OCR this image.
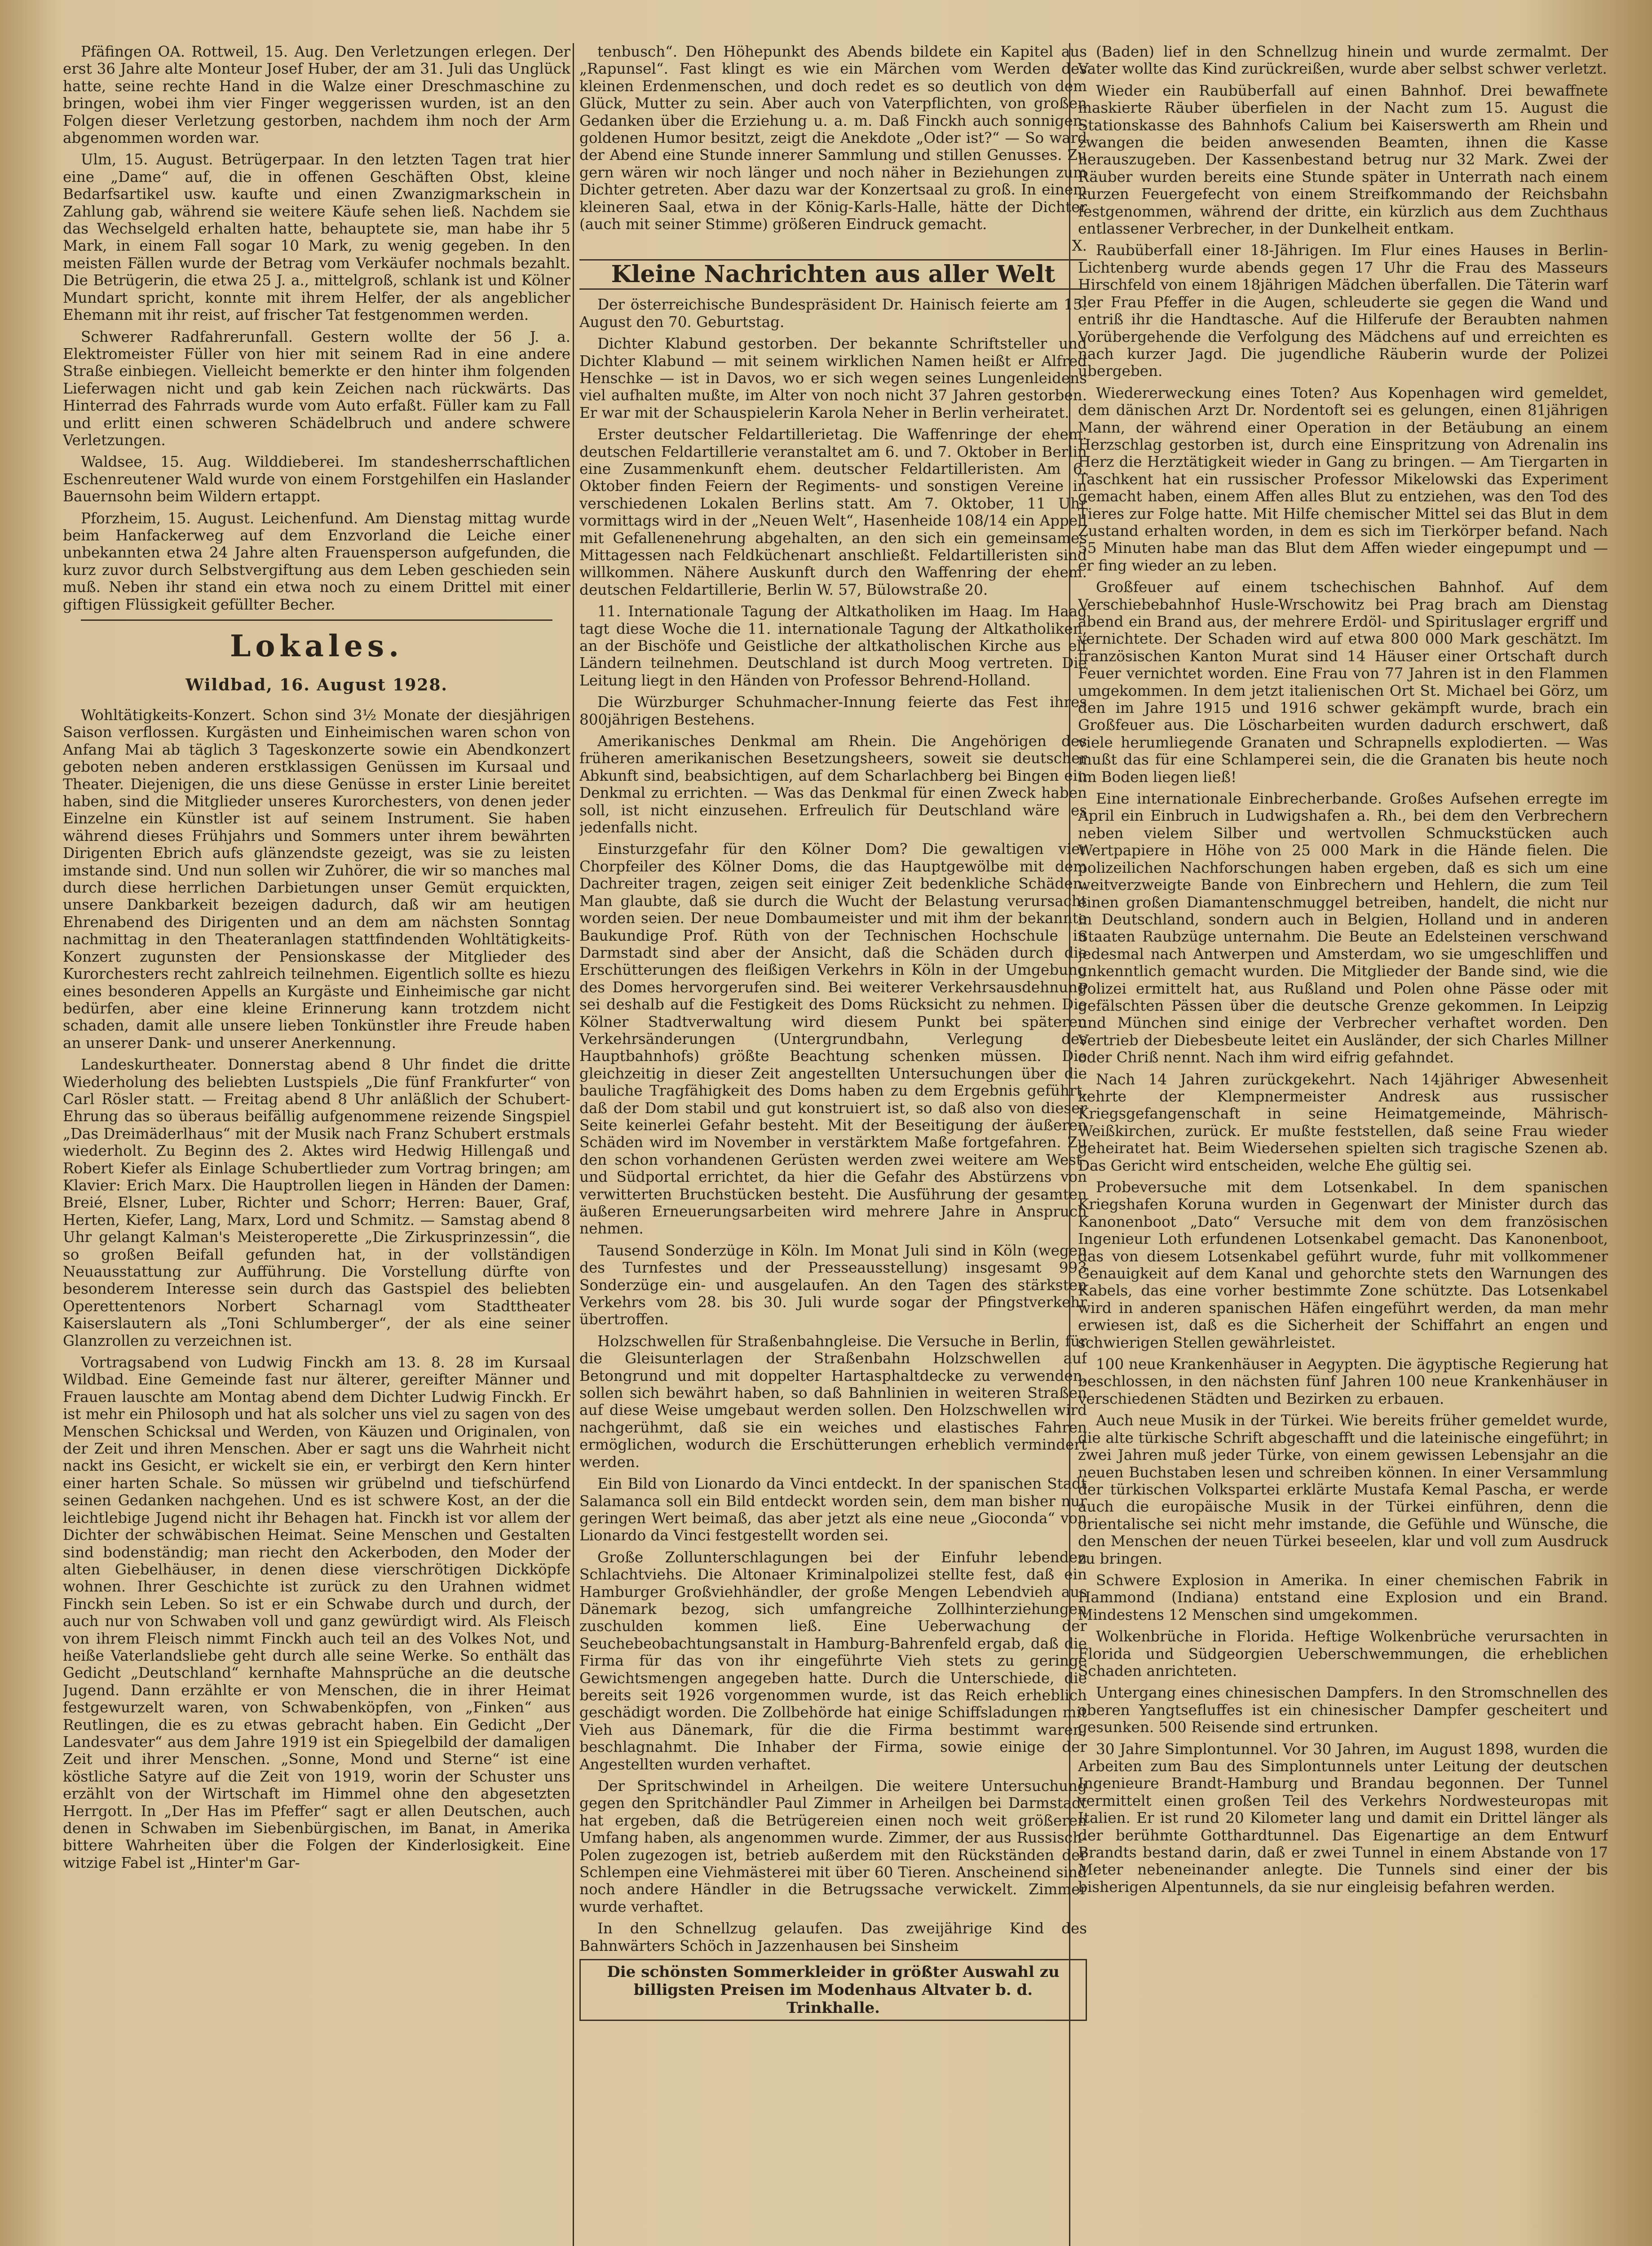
Pfäfingen OA. Rottweil, 15. Aug. Den Verletzungen erlegen. Der erst 36 Jahre alte Monteur Josef Huber, der am 31. Juli das Unglück hatte, seine rechte Hand in die Walze einer Dreschmaschine zu bringen, wobei ihm vier Finger weggerissen wurden, ist an den Folgen dieser Verletzung gestorben, nachdem ihm noch der Arm abgenommen worden war.

Ulm, 15. August. Betrügerpaar. In den letzten Tagen trat hier eine „Dame“ auf, die in offenen Geschäften Obst, kleine Bedarfsartikel usw. kaufte und einen Zwanzigmarkschein in Zahlung gab, während sie weitere Käufe sehen ließ. Nachdem sie das Wechselgeld erhalten hatte, behauptete sie, man habe ihr 5 Mark, in einem Fall sogar 10 Mark, zu wenig gegeben. In den meisten Fällen wurde der Betrag vom Verkäufer nochmals bezahlt. Die Betrügerin, die etwa 25 J. a., mittelgroß, schlank ist und Kölner Mundart spricht, konnte mit ihrem Helfer, der als angeblicher Ehemann mit ihr reist, auf frischer Tat festgenommen werden.

Schwerer Radfahrerunfall. Gestern wollte der 56 J. a. Elektromeister Füller von hier mit seinem Rad in eine andere Straße einbiegen. Vielleicht bemerkte er den hinter ihm folgenden Lieferwagen nicht und gab kein Zeichen nach rückwärts. Das Hinterrad des Fahrrads wurde vom Auto erfaßt. Füller kam zu Fall und erlitt einen schweren Schädelbruch und andere schwere Verletzungen.

Waldsee, 15. Aug. Wilddieberei. Im standesherrschaftlichen Eschenreutener Wald wurde von einem Forstgehilfen ein Haslander Bauernsohn beim Wildern ertappt.

Pforzheim, 15. August. Leichenfund. Am Dienstag mittag wurde beim Hanfackerweg auf dem Enzvorland die Leiche einer unbekannten etwa 24 Jahre alten Frauensperson aufgefunden, die kurz zuvor durch Selbstvergiftung aus dem Leben geschieden sein muß. Neben ihr stand ein etwa noch zu einem Drittel mit einer giftigen Flüssigkeit gefüllter Becher.

Lokales.
Wildbad, 16. August 1928.

Wohltätigkeits-Konzert. Schon sind 3½ Monate der diesjährigen Saison verflossen. Kurgästen und Einheimischen waren schon von Anfang Mai ab täglich 3 Tageskonzerte sowie ein Abendkonzert geboten neben anderen erstklassigen Genüssen im Kursaal und Theater. Diejenigen, die uns diese Genüsse in erster Linie bereitet haben, sind die Mitglieder unseres Kurorchesters, von denen jeder Einzelne ein Künstler ist auf seinem Instrument. Sie haben während dieses Frühjahrs und Sommers unter ihrem bewährten Dirigenten Ebrich aufs glänzendste gezeigt, was sie zu leisten imstande sind. Und nun sollen wir Zuhörer, die wir so manches mal durch diese herrlichen Darbietungen unser Gemüt erquickten, unsere Dankbarkeit bezeigen dadurch, daß wir am heutigen Ehrenabend des Dirigenten und an dem am nächsten Sonntag nachmittag in den Theateranlagen stattfindenden Wohltätigkeits-Konzert zugunsten der Pensionskasse der Mitglieder des Kurorchesters recht zahlreich teilnehmen. Eigentlich sollte es hiezu eines besonderen Appells an Kurgäste und Einheimische gar nicht bedürfen, aber eine kleine Erinnerung kann trotzdem nicht schaden, damit alle unsere lieben Tonkünstler ihre Freude haben an unserer Dank- und unserer Anerkennung.

Landeskurtheater. Donnerstag abend 8 Uhr findet die dritte Wiederholung des beliebten Lustspiels „Die fünf Frankfurter“ von Carl Rösler statt. — Freitag abend 8 Uhr anläßlich der Schubert-Ehrung das so überaus beifällig aufgenommene reizende Singspiel „Das Dreimäderlhaus“ mit der Musik nach Franz Schubert erstmals wiederholt. Zu Beginn des 2. Aktes wird Hedwig Hillengaß und Robert Kiefer als Einlage Schubertlieder zum Vortrag bringen; am Klavier: Erich Marx. Die Hauptrollen liegen in Händen der Damen: Breié, Elsner, Luber, Richter und Schorr; Herren: Bauer, Graf, Herten, Kiefer, Lang, Marx, Lord und Schmitz. — Samstag abend 8 Uhr gelangt Kalman's Meisteroperette „Die Zirkusprinzessin“, die so großen Beifall gefunden hat, in der vollständigen Neuausstattung zur Aufführung. Die Vorstellung dürfte von besonderem Interesse sein durch das Gastspiel des beliebten Operettentenors Norbert Scharnagl vom Stadttheater Kaiserslautern als „Toni Schlumberger“, der als eine seiner Glanzrollen zu verzeichnen ist.

Vortragsabend von Ludwig Finckh am 13. 8. 28 im Kursaal Wildbad. Eine Gemeinde fast nur älterer, gereifter Männer und Frauen lauschte am Montag abend dem Dichter Ludwig Finckh. Er ist mehr ein Philosoph und hat als solcher uns viel zu sagen von des Menschen Schicksal und Werden, von Käuzen und Originalen, von der Zeit und ihren Menschen. Aber er sagt uns die Wahrheit nicht nackt ins Gesicht, er wickelt sie ein, er verbirgt den Kern hinter einer harten Schale. So müssen wir grübelnd und tiefschürfend seinen Gedanken nachgehen. Und es ist schwere Kost, an der die leichtlebige Jugend nicht ihr Behagen hat. Finckh ist vor allem der Dichter der schwäbischen Heimat. Seine Menschen und Gestalten sind bodenständig; man riecht den Ackerboden, den Moder der alten Giebelhäuser, in denen diese vierschrötigen Dickköpfe wohnen. Ihrer Geschichte ist zurück zu den Urahnen widmet Finckh sein Leben. So ist er ein Schwabe durch und durch, der auch nur von Schwaben voll und ganz gewürdigt wird. Als Fleisch von ihrem Fleisch nimmt Finckh auch teil an des Volkes Not, und heiße Vaterlandsliebe geht durch alle seine Werke. So enthält das Gedicht „Deutschland“ kernhafte Mahnsprüche an die deutsche Jugend. Dann erzählte er von Menschen, die in ihrer Heimat festgewurzelt waren, von Schwabenköpfen, von „Finken“ aus Reutlingen, die es zu etwas gebracht haben. Ein Gedicht „Der Landesvater“ aus dem Jahre 1919 ist ein Spiegelbild der damaligen Zeit und ihrer Menschen. „Sonne, Mond und Sterne“ ist eine köstliche Satyre auf die Zeit von 1919, worin der Schuster uns erzählt von der Wirtschaft im Himmel ohne den abgesetzten Herrgott. In „Der Has im Pfeffer“ sagt er allen Deutschen, auch denen in Schwaben im Siebenbürgischen, im Banat, in Amerika bittere Wahrheiten über die Folgen der Kinderlosigkeit. Eine witzige Fabel ist „Hinter'm Gar-

tenbusch“. Den Höhepunkt des Abends bildete ein Kapitel aus „Rapunsel“. Fast klingt es wie ein Märchen vom Werden des kleinen Erdenmenschen, und doch redet es so deutlich von dem Glück, Mutter zu sein. Aber auch von Vaterpflichten, von großen Gedanken über die Erziehung u. a. m. Daß Finckh auch sonnigen, goldenen Humor besitzt, zeigt die Anekdote „Oder ist?“ — So ward der Abend eine Stunde innerer Sammlung und stillen Genusses. Zu gern wären wir noch länger und noch näher in Beziehungen zum Dichter getreten. Aber dazu war der Konzertsaal zu groß. In einem kleineren Saal, etwa in der König-Karls-Halle, hätte der Dichter (auch mit seiner Stimme) größeren Eindruck gemacht.

X.
Kleine Nachrichten aus aller Welt

Der österreichische Bundespräsident Dr. Hainisch feierte am 15. August den 70. Geburtstag.

Dichter Klabund gestorben. Der bekannte Schriftsteller und Dichter Klabund — mit seinem wirklichen Namen heißt er Alfred Henschke — ist in Davos, wo er sich wegen seines Lungenleidens viel aufhalten mußte, im Alter von noch nicht 37 Jahren gestorben. Er war mit der Schauspielerin Karola Neher in Berlin verheiratet.

Erster deutscher Feldartillerietag. Die Waffenringe der ehem. deutschen Feldartillerie veranstaltet am 6. und 7. Oktober in Berlin eine Zusammenkunft ehem. deutscher Feldartilleristen. Am 6. Oktober finden Feiern der Regiments- und sonstigen Vereine in verschiedenen Lokalen Berlins statt. Am 7. Oktober, 11 Uhr vormittags wird in der „Neuen Welt“, Hasenheide 108/14 ein Appell mit Gefallenenehrung abgehalten, an den sich ein gemeinsames Mittagessen nach Feldküchenart anschließt. Feldartilleristen sind willkommen. Nähere Auskunft durch den Waffenring der ehem. deutschen Feldartillerie, Berlin W. 57, Bülowstraße 20.

11. Internationale Tagung der Altkatholiken im Haag. Im Haag tagt diese Woche die 11. internationale Tagung der Altkatholiken, an der Bischöfe und Geistliche der altkatholischen Kirche aus elf Ländern teilnehmen. Deutschland ist durch Moog vertreten. Die Leitung liegt in den Händen von Professor Behrend-Holland.

Die Würzburger Schuhmacher-Innung feierte das Fest ihres 800jährigen Bestehens.

Amerikanisches Denkmal am Rhein. Die Angehörigen des früheren amerikanischen Besetzungsheers, soweit sie deutscher Abkunft sind, beabsichtigen, auf dem Scharlachberg bei Bingen ein Denkmal zu errichten. — Was das Denkmal für einen Zweck haben soll, ist nicht einzusehen. Erfreulich für Deutschland wäre es jedenfalls nicht.

Einsturzgefahr für den Kölner Dom? Die gewaltigen vier Chorpfeiler des Kölner Doms, die das Hauptgewölbe mit dem Dachreiter tragen, zeigen seit einiger Zeit bedenkliche Schäden. Man glaubte, daß sie durch die Wucht der Belastung verursacht worden seien. Der neue Dombaumeister und mit ihm der bekannte Baukundige Prof. Rüth von der Technischen Hochschule in Darmstadt sind aber der Ansicht, daß die Schäden durch die Erschütterungen des fleißigen Verkehrs in Köln in der Umgebung des Domes hervorgerufen sind. Bei weiterer Verkehrsausdehnung sei deshalb auf die Festigkeit des Doms Rücksicht zu nehmen. Die Kölner Stadtverwaltung wird diesem Punkt bei späteren Verkehrsänderungen (Untergrundbahn, Verlegung des Hauptbahnhofs) größte Beachtung schenken müssen. Die gleichzeitig in dieser Zeit angestellten Untersuchungen über die bauliche Tragfähigkeit des Doms haben zu dem Ergebnis geführt, daß der Dom stabil und gut konstruiert ist, so daß also von dieser Seite keinerlei Gefahr besteht. Mit der Beseitigung der äußeren Schäden wird im November in verstärktem Maße fortgefahren. Zu den schon vorhandenen Gerüsten werden zwei weitere am West- und Südportal errichtet, da hier die Gefahr des Abstürzens von verwitterten Bruchstücken besteht. Die Ausführung der gesamten äußeren Erneuerungsarbeiten wird mehrere Jahre in Anspruch nehmen.

Tausend Sonderzüge in Köln. Im Monat Juli sind in Köln (wegen des Turnfestes und der Presseausstellung) insgesamt 993 Sonderzüge ein- und ausgelaufen. An den Tagen des stärksten Verkehrs vom 28. bis 30. Juli wurde sogar der Pfingstverkehr übertroffen.

Holzschwellen für Straßenbahngleise. Die Versuche in Berlin, für die Gleisunterlagen der Straßenbahn Holzschwellen auf Betongrund und mit doppelter Hartasphaltdecke zu verwenden, sollen sich bewährt haben, so daß Bahnlinien in weiteren Straßen auf diese Weise umgebaut werden sollen. Den Holzschwellen wird nachgerühmt, daß sie ein weiches und elastisches Fahren ermöglichen, wodurch die Erschütterungen erheblich vermindert werden.

Ein Bild von Lionardo da Vinci entdeckt. In der spanischen Stadt Salamanca soll ein Bild entdeckt worden sein, dem man bisher nur geringen Wert beimaß, das aber jetzt als eine neue „Gioconda“ von Lionardo da Vinci festgestellt worden sei.

Große Zollunterschlagungen bei der Einfuhr lebenden Schlachtviehs. Die Altonaer Kriminalpolizei stellte fest, daß ein Hamburger Großviehhändler, der große Mengen Lebendvieh aus Dänemark bezog, sich umfangreiche Zollhinterziehungen zuschulden kommen ließ. Eine Ueberwachung der Seuchebeobachtungsanstalt in Hamburg-Bahrenfeld ergab, daß die Firma für das von ihr eingeführte Vieh stets zu geringe Gewichtsmengen angegeben hatte. Durch die Unterschiede, die bereits seit 1926 vorgenommen wurde, ist das Reich erheblich geschädigt worden. Die Zollbehörde hat einige Schiffsladungen mit Vieh aus Dänemark, für die die Firma bestimmt waren, beschlagnahmt. Die Inhaber der Firma, sowie einige der Angestellten wurden verhaftet.

Der Spritschwindel in Arheilgen. Die weitere Untersuchung gegen den Spritchändler Paul Zimmer in Arheilgen bei Darmstadt hat ergeben, daß die Betrügereien einen noch weit größeren Umfang haben, als angenommen wurde. Zimmer, der aus Russisch-Polen zugezogen ist, betrieb außerdem mit den Rückständen der Schlempen eine Viehmästerei mit über 60 Tieren. Anscheinend sind noch andere Händler in die Betrugssache verwickelt. Zimmer wurde verhaftet.

In den Schnellzug gelaufen. Das zweijährige Kind des Bahnwärters Schöch in Jazzenhausen bei Sinsheim

Die schönsten Sommerkleider in größter Auswahl zu billigsten Preisen im Modenhaus Altvater b. d. Trinkhalle.

(Baden) lief in den Schnellzug hinein und wurde zermalmt. Der Vater wollte das Kind zurückreißen, wurde aber selbst schwer verletzt.

Wieder ein Raubüberfall auf einen Bahnhof. Drei bewaffnete maskierte Räuber überfielen in der Nacht zum 15. August die Stationskasse des Bahnhofs Calium bei Kaiserswerth am Rhein und zwangen die beiden anwesenden Beamten, ihnen die Kasse herauszugeben. Der Kassenbestand betrug nur 32 Mark. Zwei der Räuber wurden bereits eine Stunde später in Unterrath nach einem kurzen Feuergefecht von einem Streifkommando der Reichsbahn festgenommen, während der dritte, ein kürzlich aus dem Zuchthaus entlassener Verbrecher, in der Dunkelheit entkam.

Raubüberfall einer 18-Jährigen. Im Flur eines Hauses in Berlin-Lichtenberg wurde abends gegen 17 Uhr die Frau des Masseurs Hirschfeld von einem 18jährigen Mädchen überfallen. Die Täterin warf der Frau Pfeffer in die Augen, schleuderte sie gegen die Wand und entriß ihr die Handtasche. Auf die Hilferufe der Beraubten nahmen Vorübergehende die Verfolgung des Mädchens auf und erreichten es nach kurzer Jagd. Die jugendliche Räuberin wurde der Polizei übergeben.

Wiedererweckung eines Toten? Aus Kopenhagen wird gemeldet, dem dänischen Arzt Dr. Nordentoft sei es gelungen, einen 81jährigen Mann, der während einer Operation in der Betäubung an einem Herzschlag gestorben ist, durch eine Einspritzung von Adrenalin ins Herz die Herztätigkeit wieder in Gang zu bringen. — Am Tiergarten in Taschkent hat ein russischer Professor Mikelowski das Experiment gemacht haben, einem Affen alles Blut zu entziehen, was den Tod des Tieres zur Folge hatte. Mit Hilfe chemischer Mittel sei das Blut in dem Zustand erhalten worden, in dem es sich im Tierkörper befand. Nach 55 Minuten habe man das Blut dem Affen wieder eingepumpt und — er fing wieder an zu leben.

Großfeuer auf einem tschechischen Bahnhof. Auf dem Verschiebebahnhof Husle-Wrschowitz bei Prag brach am Dienstag abend ein Brand aus, der mehrere Erdöl- und Spirituslager ergriff und vernichtete. Der Schaden wird auf etwa 800 000 Mark geschätzt. Im französischen Kanton Murat sind 14 Häuser einer Ortschaft durch Feuer vernichtet worden. Eine Frau von 77 Jahren ist in den Flammen umgekommen. In dem jetzt italienischen Ort St. Michael bei Görz, um den im Jahre 1915 und 1916 schwer gekämpft wurde, brach ein Großfeuer aus. Die Löscharbeiten wurden dadurch erschwert, daß viele herumliegende Granaten und Schrapnells explodierten. — Was mußt das für eine Schlamperei sein, die die Granaten bis heute noch im Boden liegen ließ!

Eine internationale Einbrecherbande. Großes Aufsehen erregte im April ein Einbruch in Ludwigshafen a. Rh., bei dem den Verbrechern neben vielem Silber und wertvollen Schmuckstücken auch Wertpapiere in Höhe von 25 000 Mark in die Hände fielen. Die polizeilichen Nachforschungen haben ergeben, daß es sich um eine weitverzweigte Bande von Einbrechern und Hehlern, die zum Teil einen großen Diamantenschmuggel betreiben, handelt, die nicht nur in Deutschland, sondern auch in Belgien, Holland und in anderen Staaten Raubzüge unternahm. Die Beute an Edelsteinen verschwand jedesmal nach Antwerpen und Amsterdam, wo sie umgeschliffen und unkenntlich gemacht wurden. Die Mitglieder der Bande sind, wie die Polizei ermittelt hat, aus Rußland und Polen ohne Pässe oder mit gefälschten Pässen über die deutsche Grenze gekommen. In Leipzig und München sind einige der Verbrecher verhaftet worden. Den Vertrieb der Diebesbeute leitet ein Ausländer, der sich Charles Millner oder Chriß nennt. Nach ihm wird eifrig gefahndet.

Nach 14 Jahren zurückgekehrt. Nach 14jähriger Abwesenheit kehrte der Klempnermeister Andresk aus russischer Kriegsgefangenschaft in seine Heimatgemeinde, Mährisch-Weißkirchen, zurück. Er mußte feststellen, daß seine Frau wieder geheiratet hat. Beim Wiedersehen spielten sich tragische Szenen ab. Das Gericht wird entscheiden, welche Ehe gültig sei.

Probeversuche mit dem Lotsenkabel. In dem spanischen Kriegshafen Koruna wurden in Gegenwart der Minister durch das Kanonenboot „Dato“ Versuche mit dem von dem französischen Ingenieur Loth erfundenen Lotsenkabel gemacht. Das Kanonenboot, das von diesem Lotsenkabel geführt wurde, fuhr mit vollkommener Genauigkeit auf dem Kanal und gehorchte stets den Warnungen des Kabels, das eine vorher bestimmte Zone schützte. Das Lotsenkabel wird in anderen spanischen Häfen eingeführt werden, da man mehr erwiesen ist, daß es die Sicherheit der Schiffahrt an engen und schwierigen Stellen gewährleistet.

100 neue Krankenhäuser in Aegypten. Die ägyptische Regierung hat beschlossen, in den nächsten fünf Jahren 100 neue Krankenhäuser in verschiedenen Städten und Bezirken zu erbauen.

Auch neue Musik in der Türkei. Wie bereits früher gemeldet wurde, die alte türkische Schrift abgeschafft und die lateinische eingeführt; in zwei Jahren muß jeder Türke, von einem gewissen Lebensjahr an die neuen Buchstaben lesen und schreiben können. In einer Versammlung der türkischen Volkspartei erklärte Mustafa Kemal Pascha, er werde auch die europäische Musik in der Türkei einführen, denn die orientalische sei nicht mehr imstande, die Gefühle und Wünsche, die den Menschen der neuen Türkei beseelen, klar und voll zum Ausdruck zu bringen.

Schwere Explosion in Amerika. In einer chemischen Fabrik in Hammond (Indiana) entstand eine Explosion und ein Brand. Mindestens 12 Menschen sind umgekommen.

Wolkenbrüche in Florida. Heftige Wolkenbrüche verursachten in Florida und Südgeorgien Ueberschwemmungen, die erheblichen Schaden anrichteten.

Untergang eines chinesischen Dampfers. In den Stromschnellen des oberen Yangtsefluffes ist ein chinesischer Dampfer gescheitert und gesunken. 500 Reisende sind ertrunken.

30 Jahre Simplontunnel. Vor 30 Jahren, im August 1898, wurden die Arbeiten zum Bau des Simplontunnels unter Leitung der deutschen Ingenieure Brandt-Hamburg und Brandau begonnen. Der Tunnel vermittelt einen großen Teil des Verkehrs Nordwesteuropas mit Italien. Er ist rund 20 Kilometer lang und damit ein Drittel länger als der berühmte Gotthardtunnel. Das Eigenartige an dem Entwurf Brandts bestand darin, daß er zwei Tunnel in einem Abstande von 17 Meter nebeneinander anlegte. Die Tunnels sind einer der bis bisherigen Alpentunnels, da sie nur eingleisig befahren werden.
